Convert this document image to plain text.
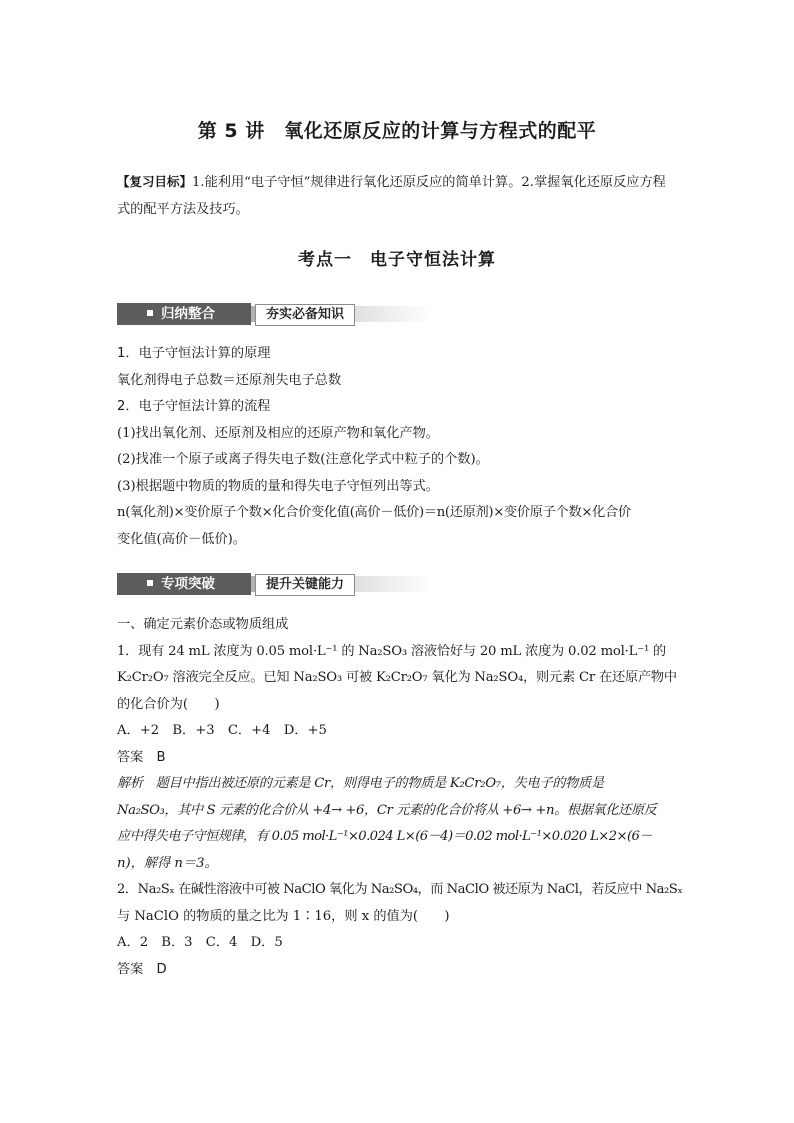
第 5 讲　氧化还原反应的计算与方程式的配平
【复习目标】1.能利用“电子守恒”规律进行氧化还原反应的简单计算。2.掌握氧化还原反应方程式的配平方法及技巧。
考点一　电子守恒法计算
归纳整合	夯实必备知识
1．电子守恒法计算的原理
氧化剂得电子总数＝还原剂失电子总数
2．电子守恒法计算的流程
(1)找出氧化剂、还原剂及相应的还原产物和氧化产物。
(2)找准一个原子或离子得失电子数(注意化学式中粒子的个数)。
(3)根据题中物质的物质的量和得失电子守恒列出等式。
n(氧化剂)×变价原子个数×化合价变化值(高价－低价)＝n(还原剂)×变价原子个数×化合价
变化值(高价－低价)。
专项突破	提升关键能力
一、确定元素价态或物质组成
1．现有 24 mL 浓度为 0.05 mol·L⁻¹ 的 Na₂SO₃ 溶液恰好与 20 mL 浓度为 0.02 mol·L⁻¹ 的
K₂Cr₂O₇ 溶液完全反应。已知 Na₂SO₃ 可被 K₂Cr₂O₇ 氧化为 Na₂SO₄，则元素 Cr 在还原产物中
的化合价为(　　)
A．+2　B．+3　C．+4　D．+5
答案　B
解析　题目中指出被还原的元素是 Cr，则得电子的物质是 K₂Cr₂O₇，失电子的物质是
Na₂SO₃，其中 S 元素的化合价从 +4→ +6，Cr 元素的化合价将从 +6→ +n。根据氧化还原反
应中得失电子守恒规律，有 0.05 mol·L⁻¹×0.024 L×(6－4)＝0.02 mol·L⁻¹×0.020 L×2×(6－
n)，解得 n＝3。
2．Na₂Sₓ 在碱性溶液中可被 NaClO 氧化为 Na₂SO₄，而 NaClO 被还原为 NaCl，若反应中 Na₂Sₓ
与 NaClO 的物质的量之比为 1∶16，则 x 的值为(　　)
A．2　B．3　C．4　D．5
答案　D
